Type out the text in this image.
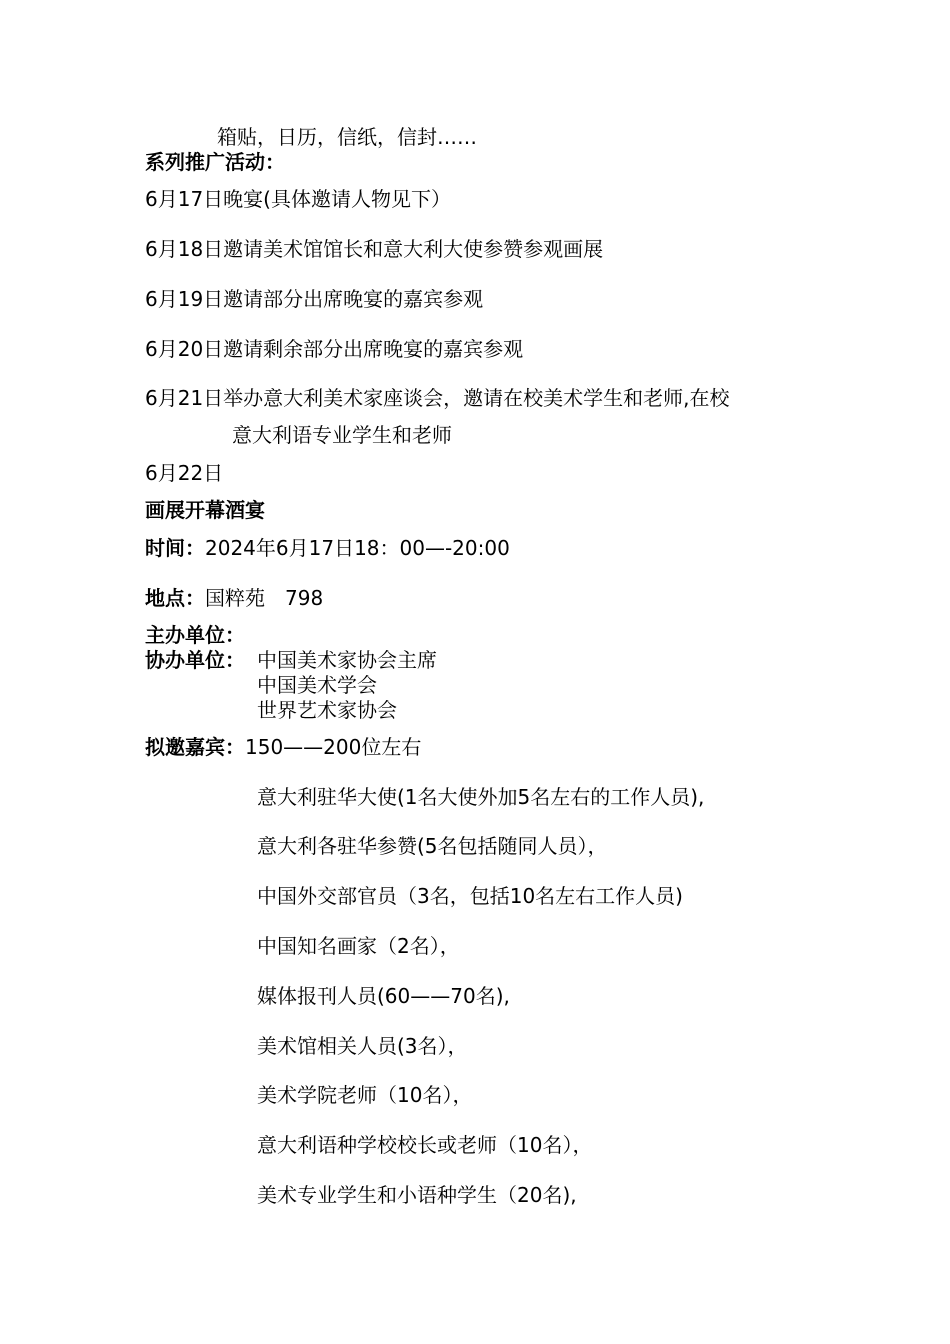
箱贴，日历，信纸，信封……
系列推广活动：
6月17日晚宴(具体邀请人物见下）
6月18日邀请美术馆馆长和意大利大使参赞参观画展
6月19日邀请部分出席晚宴的嘉宾参观
6月20日邀请剩余部分出席晚宴的嘉宾参观
6月21日举办意大利美术家座谈会，邀请在校美术学生和老师,在校
意大利语专业学生和老师
6月22日
画展开幕酒宴
时间：2024年6月17日18：00—-20:00
地点：国粹苑　798
主办单位：
协办单位： 中国美术家协会主席
中国美术学会
世界艺术家协会
拟邀嘉宾：150——200位左右
意大利驻华大使(1名大使外加5名左右的工作人员),
意大利各驻华参赞(5名包括随同人员），
中国外交部官员（3名，包括10名左右工作人员)
中国知名画家（2名），
媒体报刊人员(60——70名),
美术馆相关人员(3名），
美术学院老师（10名），
意大利语种学校校长或老师（10名），
美术专业学生和小语种学生（20名),
